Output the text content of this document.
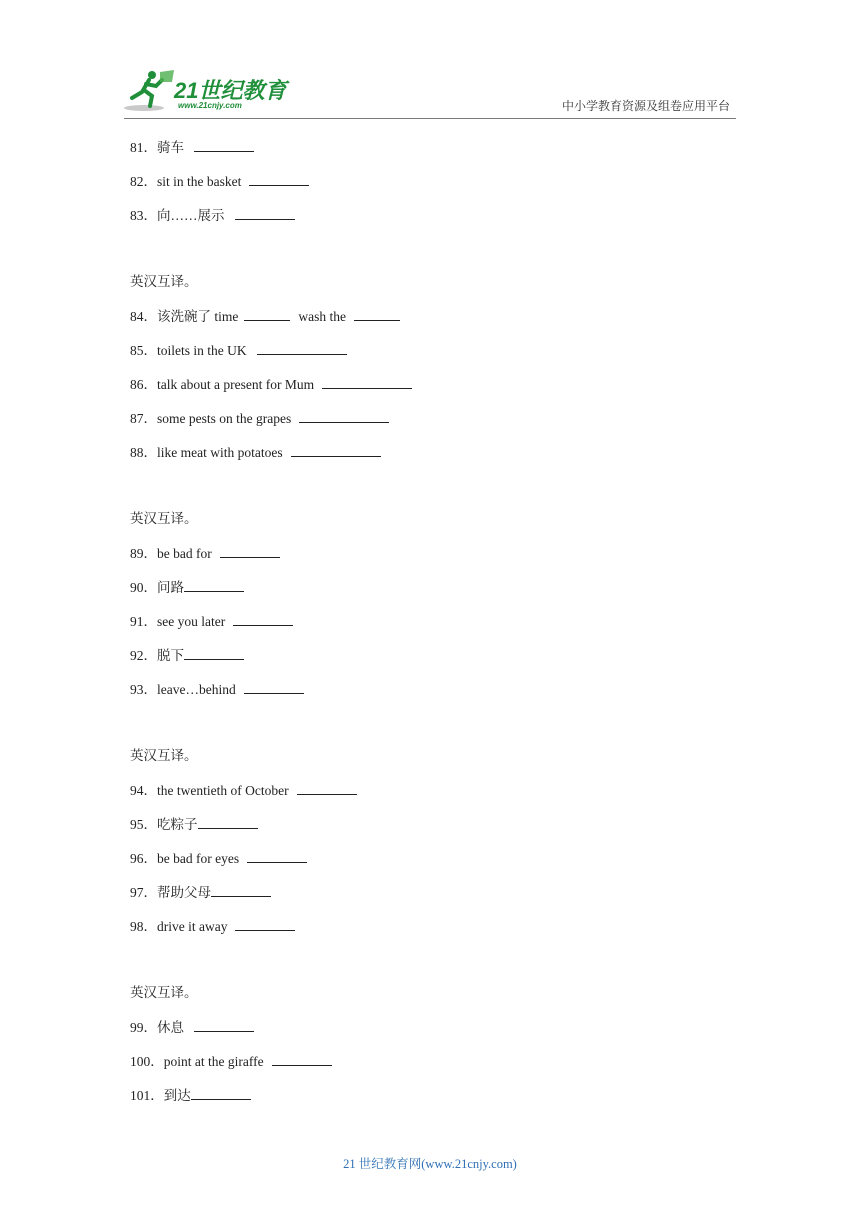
21世纪教育
www.21cnjy.com	中小学教育资源及组卷应用平台
81．骑车
82．sit in the basket
83．向……展示
英汉互译。
84．该洗碗了 time	wash the
85．toilets in the UK
86．talk about a present for Mum
87．some pests on the grapes
88．like meat with potatoes
英汉互译。
89．be bad for
90．问路
91．see you later
92．脱下
93．leave…behind
英汉互译。
94．the twentieth of October
95．吃粽子
96．be bad for eyes
97．帮助父母
98．drive it away
英汉互译。
99．休息
100．point at the giraffe
101．到达
21 世纪教育网(www.21cnjy.com)
